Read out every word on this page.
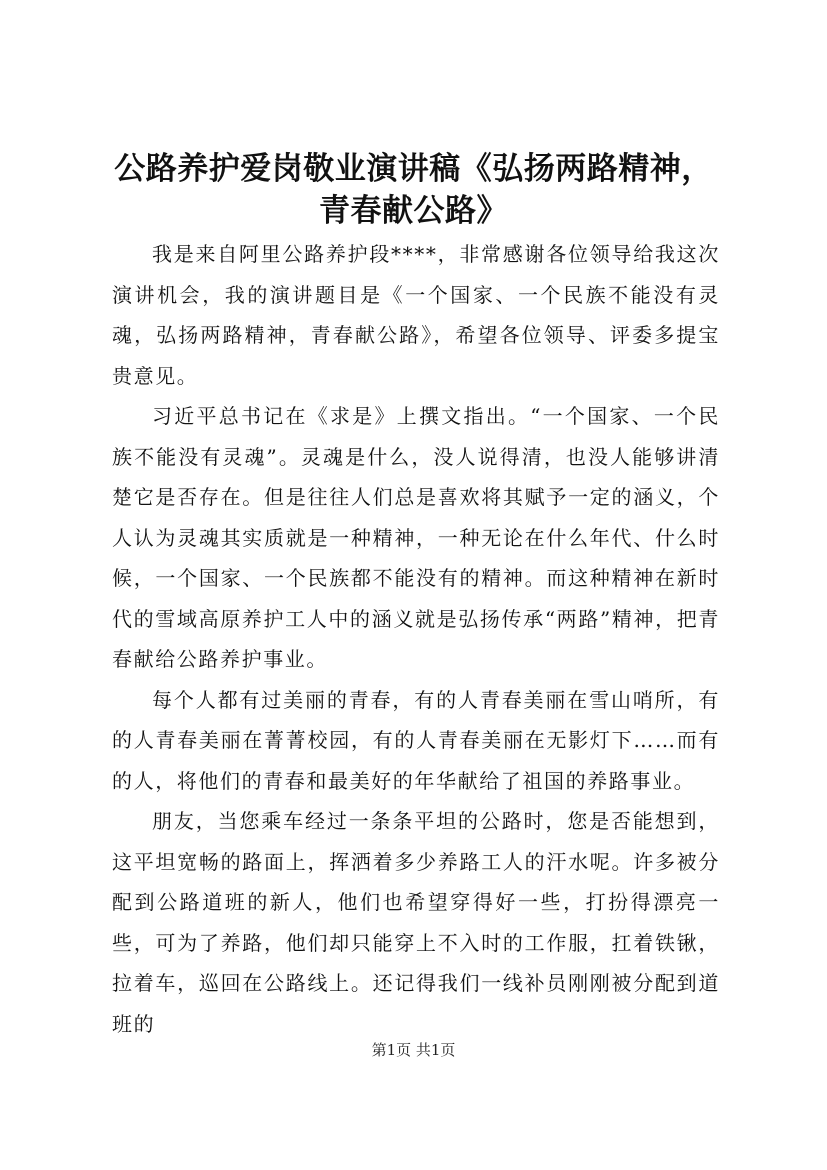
公路养护爱岗敬业演讲稿《弘扬两路精神，青春献公路》

我是来自阿里公路养护段****，非常感谢各位领导给我这次演讲机会，我的演讲题目是《一个国家、一个民族不能没有灵魂，弘扬两路精神，青春献公路》，希望各位领导、评委多提宝贵意见。

习近平总书记在《求是》上撰文指出。“一个国家、一个民族不能没有灵魂”。灵魂是什么，没人说得清，也没人能够讲清楚它是否存在。但是往往人们总是喜欢将其赋予一定的涵义，个人认为灵魂其实质就是一种精神，一种无论在什么年代、什么时候，一个国家、一个民族都不能没有的精神。而这种精神在新时代的雪域高原养护工人中的涵义就是弘扬传承“两路”精神，把青春献给公路养护事业。

每个人都有过美丽的青春，有的人青春美丽在雪山哨所，有的人青春美丽在菁菁校园，有的人青春美丽在无影灯下……而有的人，将他们的青春和最美好的年华献给了祖国的养路事业。

朋友，当您乘车经过一条条平坦的公路时，您是否能想到，这平坦宽畅的路面上，挥洒着多少养路工人的汗水呢。许多被分配到公路道班的新人，他们也希望穿得好一些，打扮得漂亮一些，可为了养路，他们却只能穿上不入时的工作服，扛着铁锹，拉着车，巡回在公路线上。还记得我们一线补员刚刚被分配到道班的

第1页 共1页
